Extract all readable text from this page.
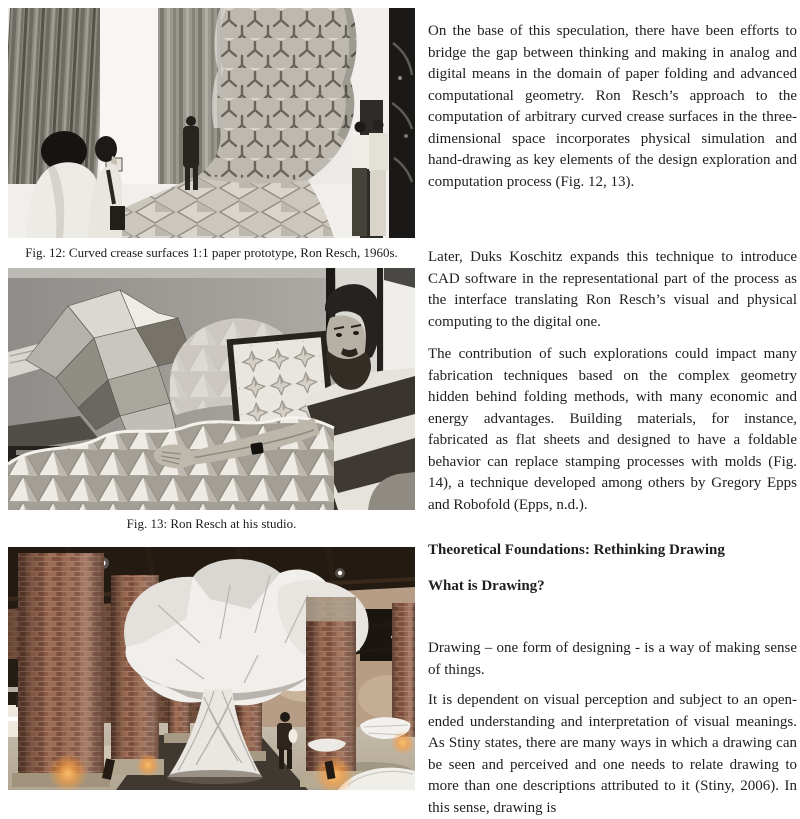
Fig. 12: Curved crease surfaces 1:1 paper prototype, Ron Resch, 1960s.
Fig. 13: Ron Resch at his studio.

On the base of this speculation, there have been efforts to bridge the gap between thinking and making in analog and digital means in the domain of paper folding and advanced computational geometry. Ron Resch’s approach to the computation of arbitrary curved crease surfaces in the three-dimensional space incorporates physical simulation and hand-drawing as key elements of the design exploration and computation process (Fig. 12, 13).

Later, Duks Koschitz expands this technique to introduce CAD software in the representational part of the process as the interface translating Ron Resch’s visual and physical computing to the digital one.

The contribution of such explorations could impact many fabrication techniques based on the complex geometry hidden behind folding methods, with many economic and energy advantages. Building materials, for instance, fabricated as flat sheets and designed to have a foldable behavior can replace stamping processes with molds (Fig. 14), a technique developed among others by Gregory Epps and Robofold (Epps, n.d.).

Theoretical Foundations: Rethinking Drawing
What is Drawing?

Drawing – one form of designing - is a way of making sense of things.

It is dependent on visual perception and subject to an open-ended understanding and interpretation of visual meanings. As Stiny states, there are many ways in which a drawing can be seen and perceived and one needs to relate drawing to more than one descriptions attributed to it (Stiny, 2006). In this sense, drawing is
